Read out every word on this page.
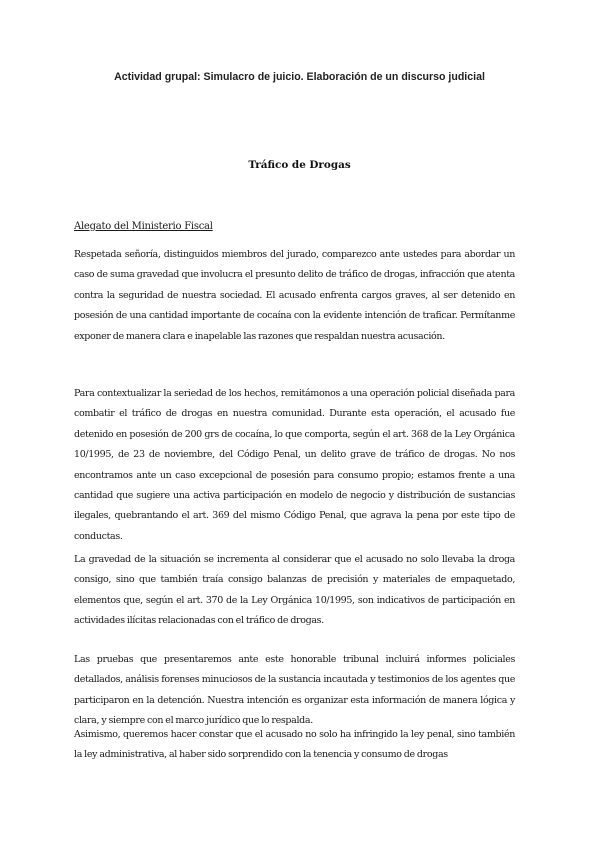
Actividad grupal: Simulacro de juicio. Elaboración de un discurso judicial
Tráfico de Drogas
Alegato del Ministerio Fiscal

Respetada señoría, distinguidos miembros del jurado, comparezco ante ustedes para abordar un caso de suma gravedad que involucra el presunto delito de tráfico de drogas, infracción que atenta contra la seguridad de nuestra sociedad. El acusado enfrenta cargos graves, al ser detenido en posesión de una cantidad importante de cocaína con la evidente intención de traficar. Permítanme exponer de manera clara e inapelable las razones que respaldan nuestra acusación.

Para contextualizar la seriedad de los hechos, remitámonos a una operación policial diseñada para combatir el tráfico de drogas en nuestra comunidad. Durante esta operación, el acusado fue detenido en posesión de 200 grs de cocaína, lo que comporta, según el art. 368 de la Ley Orgánica 10/1995, de 23 de noviembre, del Código Penal, un delito grave de tráfico de drogas. No nos encontramos ante un caso excepcional de posesión para consumo propio; estamos frente a una cantidad que sugiere una activa participación en modelo de negocio y distribución de sustancias ilegales, quebrantando el art. 369 del mismo Código Penal, que agrava la pena por este tipo de conductas.

La gravedad de la situación se incrementa al considerar que el acusado no solo llevaba la droga consigo, sino que también traía consigo balanzas de precisión y materiales de empaquetado, elementos que, según el art. 370 de la Ley Orgánica 10/1995, son indicativos de participación en actividades ilícitas relacionadas con el tráfico de drogas.

Las pruebas que presentaremos ante este honorable tribunal incluirá informes policiales detallados, análisis forenses minuciosos de la sustancia incautada y testimonios de los agentes que participaron en la detención. Nuestra intención es organizar esta información de manera lógica y clara, y siempre con el marco jurídico que lo respalda.

Asimismo, queremos hacer constar que el acusado no solo ha infringido la ley penal, sino también la ley administrativa, al haber sido sorprendido con la tenencia y consumo de drogas
